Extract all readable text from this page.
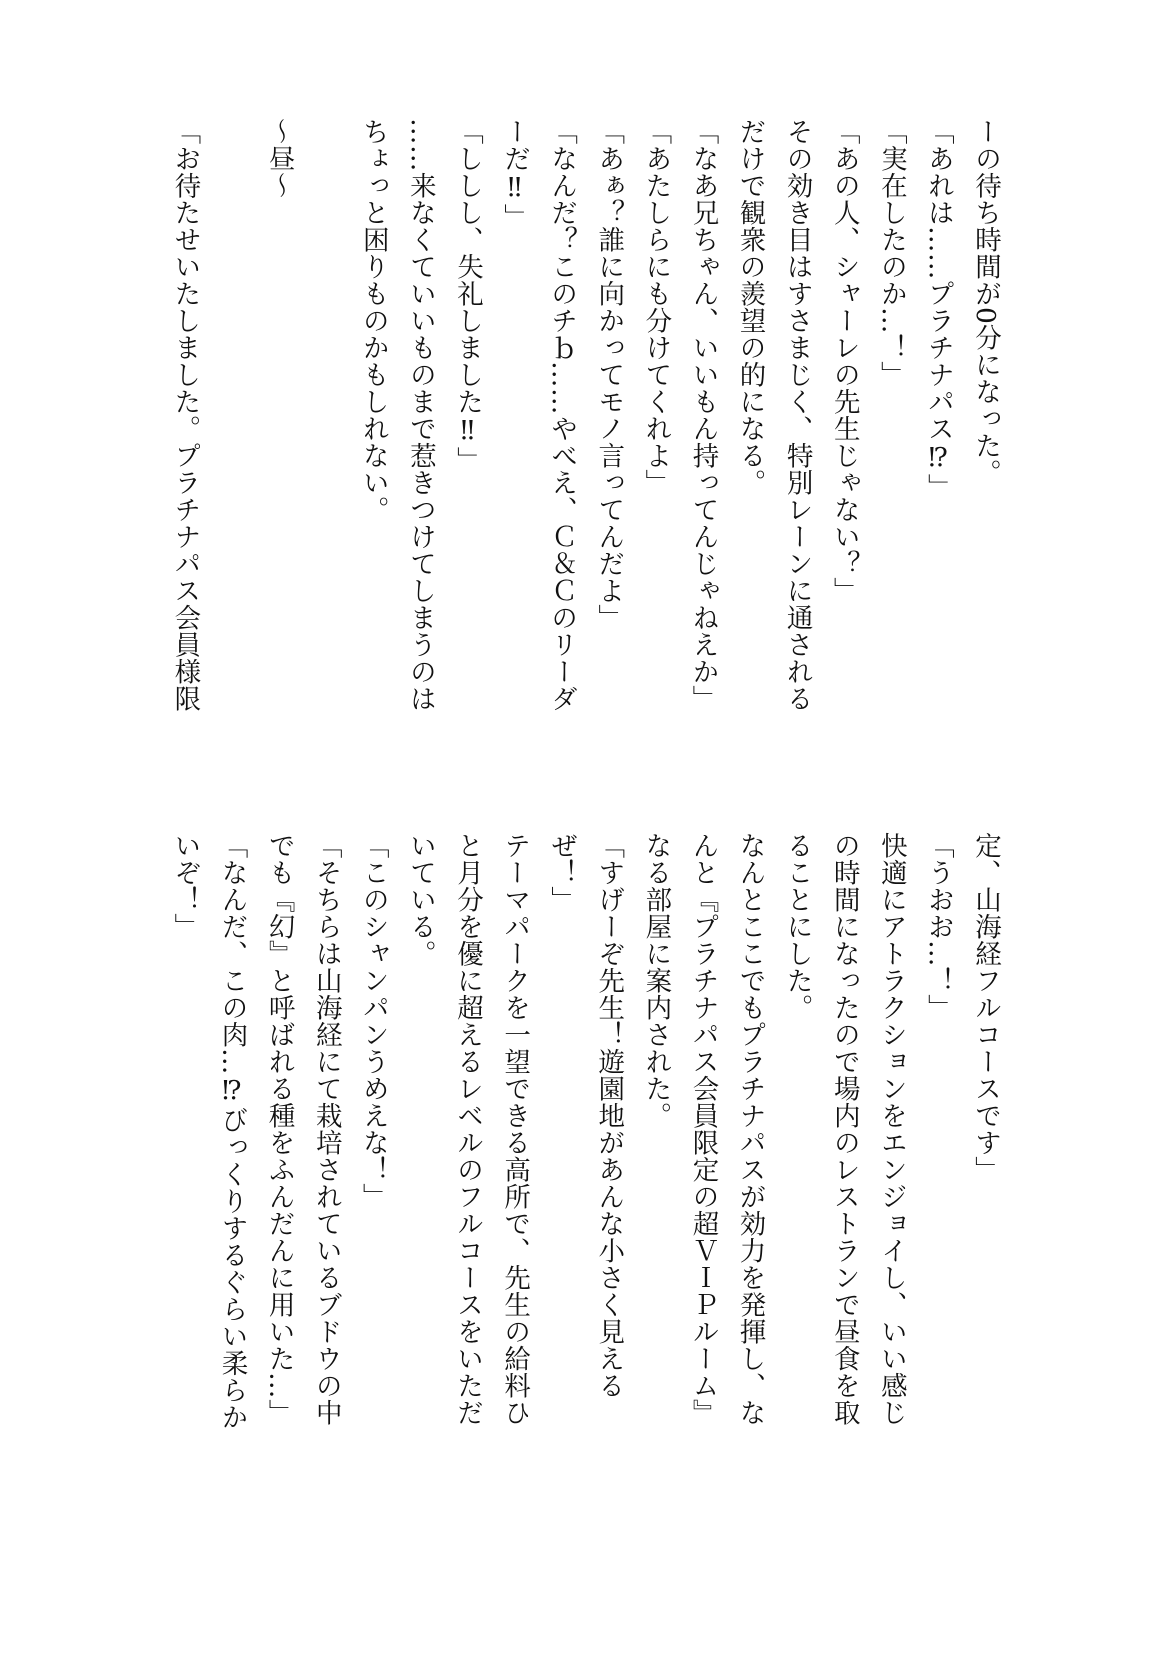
ーの待ち時間が0分になった。
「あれは……プラチナパス⁉」
「実在したのか…！」
「あの人、シャーレの先生じゃない？」
その効き目はすさまじく、特別レーンに通される
だけで観衆の羨望の的になる。
「なあ兄ちゃん、いいもん持ってんじゃねえか」
「あたしらにも分けてくれよ」
「あぁ？誰に向かってモノ言ってんだよ」
「なんだ？このチｂ……やべえ、Ｃ＆Ｃのリーダ
ーだ‼」
「ししし、失礼しました‼」
……来なくていいものまで惹きつけてしまうのは
ちょっと困りものかもしれない。
～昼～
「お待たせいたしました。プラチナパス会員様限
定、山海経フルコースです」
「うおお…！」
快適にアトラクションをエンジョイし、いい感じ
の時間になったので場内のレストランで昼食を取
ることにした。
なんとここでもプラチナパスが効力を発揮し、な
んと『プラチナパス会員限定の超ＶＩＰルーム』
なる部屋に案内された。
「すげーぞ先生！遊園地があんな小さく見える
ぜ！」
テーマパークを一望できる高所で、先生の給料ひ
と月分を優に超えるレベルのフルコースをいただ
いている。
「このシャンパンうめえな！」
「そちらは山海経にて栽培されているブドウの中
でも『幻』と呼ばれる種をふんだんに用いた…」
「なんだ、この肉…⁉びっくりするぐらい柔らか
いぞ！」
